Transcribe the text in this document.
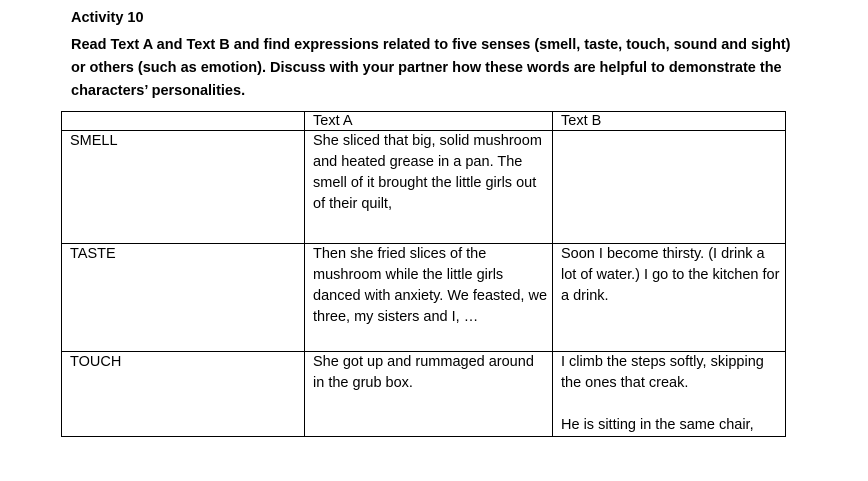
Activity 10
Read Text A and Text B and find expressions related to five senses (smell, taste, touch, sound and sight) or others (such as emotion). Discuss with your partner how these words are helpful to demonstrate the characters’ personalities.
	Text A	Text B
SMELL	She sliced that big, solid mushroom and heated grease in a pan. The smell of it brought the little girls out of their quilt,	
TASTE	Then she fried slices of the mushroom while the little girls danced with anxiety. We feasted, we three, my sisters and I, …	Soon I become thirsty. (I drink a lot of water.) I go to the kitchen for a drink.

TOUCH	She got up and rummaged around in the grub box.	I climb the steps softly, skipping the ones that creak.
He is sitting in the same chair,
